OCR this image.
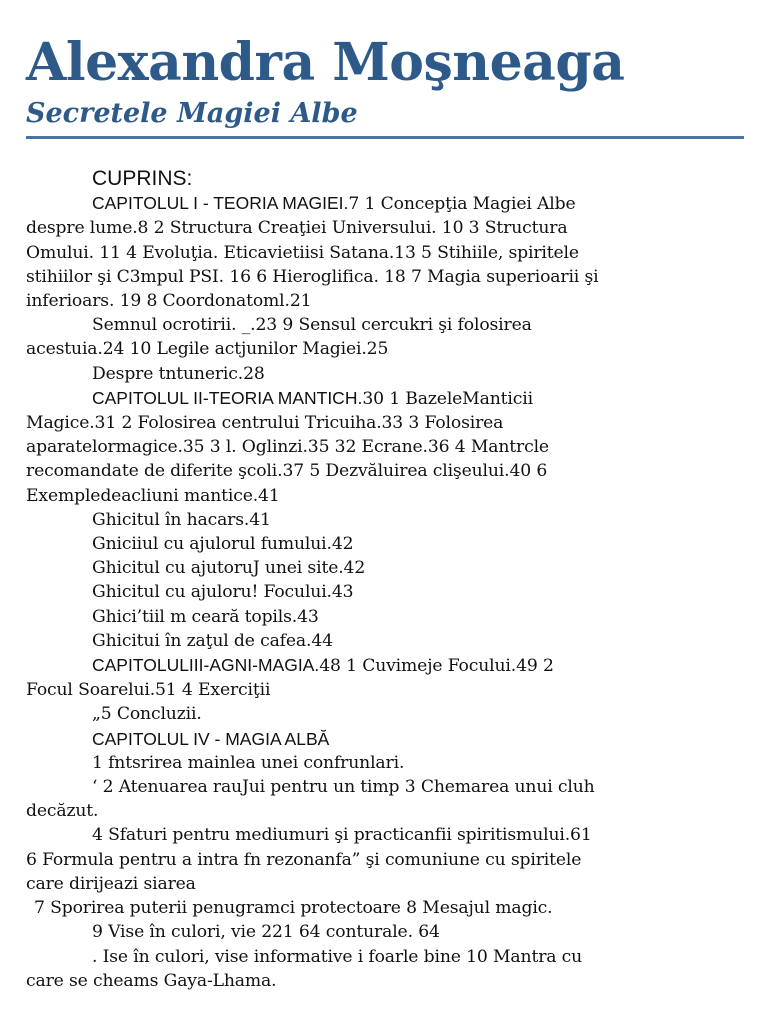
Alexandra Moşneaga
Secretele Magiei Albe

CUPRINS:

CAPITOLUL I - TEORIA MAGIEI.7 1 Concepţia Magiei Albe

despre lume.8 2 Structura Creaţiei Universului. 10 3 Structura

Omului. 11 4 Evoluţia. Eticavietiisi Satana.13 5 Stihiile, spiritele

stihiilor şi C3mpul PSI. 16 6 Hieroglifica. 18 7 Magia superioarii şi

inferioars. 19 8 Coordonatoml.21

Semnul ocrotirii. _.23 9 Sensul cercukri şi folosirea

acestuia.24 10 Legile actjunilor Magiei.25

Despre tntuneric.28

CAPITOLUL II-TEORIA MANTICH.30 1 BazeleManticii

Magice.31 2 Folosirea centrului Tricuiha.33 3 Folosirea

aparatelormagice.35 3 l. Oglinzi.35 32 Ecrane.36 4 Mantrcle

recomandate de diferite şcoli.37 5 Dezvăluirea clişeului.40 6

Exempledeacliuni mantice.41

Ghicitul în hacars.41

Gniciiul cu ajulorul fumului.42

Ghicitul cu ajutoruJ unei site.42

Ghicitul cu ajuloru! Focului.43

Ghici’tiil m ceară topils.43

Ghicitui în zaţul de cafea.44

CAPITOLULIII-AGNI-MAGIA.48 1 Cuvimeje Focului.49 2

Focul Soarelui.51 4 Exerciţii

„5 Concluzii.

CAPITOLUL IV - MAGIA ALBĂ

1 fntsrirea mainlea unei confrunlari.

‘ 2 Atenuarea rauJui pentru un timp 3 Chemarea unui cluh

decăzut.

4 Sfaturi pentru mediumuri şi practicanfii spiritismului.61

6 Formula pentru a intra fn rezonanfa” şi comuniune cu spiritele

care dirijeazi siarea

7 Sporirea puterii penugramci protectoare 8 Mesajul magic.

9 Vise în culori, vie 221 64 conturale. 64

. Ise în culori, vise informative i foarle bine 10 Mantra cu

care se cheams Gaya-Lhama.
